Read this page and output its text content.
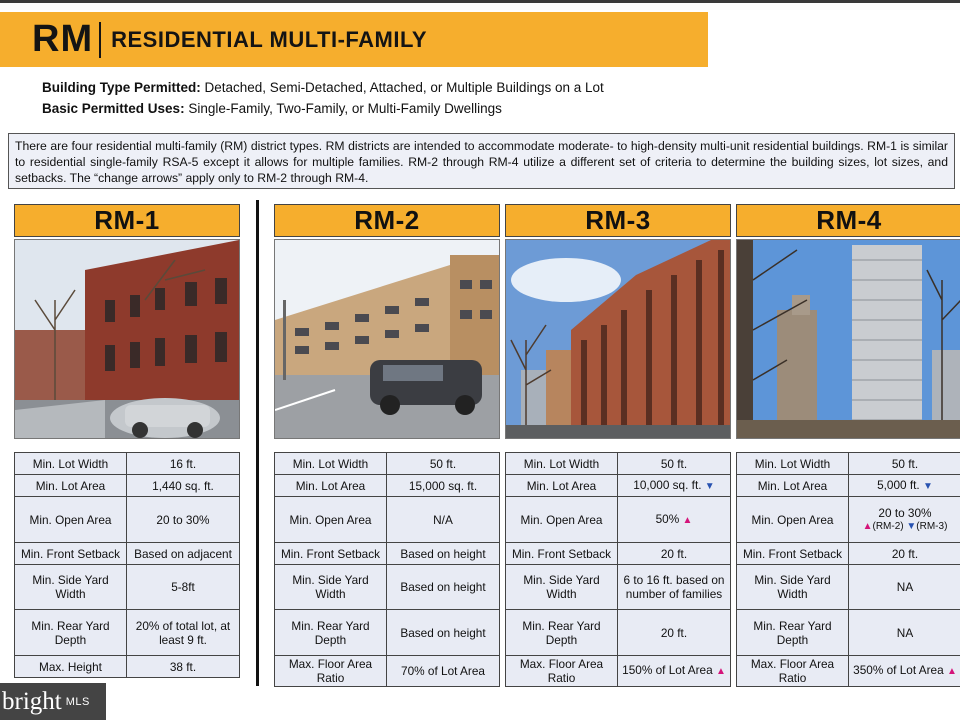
RM RESIDENTIAL MULTI-FAMILY
Building Type Permitted: Detached, Semi-Detached, Attached, or Multiple Buildings on a Lot
Basic Permitted Uses: Single-Family, Two-Family, or Multi-Family Dwellings
There are four residential multi-family (RM) district types. RM districts are intended to accommodate moderate- to high-density multi-unit residential buildings. RM-1 is similar to residential single-family RSA-5 except it allows for multiple families. RM-2 through RM-4 utilize a different set of criteria to determine the building sizes, lot sizes, and setbacks. The “change arrows” apply only to RM-2 through RM-4.
RM-1
Min. Lot Width	16 ft.
Min. Lot Area	1,440 sq. ft.
Min. Open Area	20 to 30%
Min. Front Setback	Based on adjacent
Min. Side Yard Width	5-8ft
Min. Rear Yard Depth	20% of total lot, at least 9 ft.
Max. Height	38 ft.
RM-2
Min. Lot Width	50 ft.
Min. Lot Area	15,000 sq. ft.
Min. Open Area	N/A
Min. Front Setback	Based on height
Min. Side Yard Width	Based on height
Min. Rear Yard Depth	Based on height
Max. Floor Area Ratio	70% of Lot Area
RM-3
Min. Lot Width	50 ft.
Min. Lot Area	10,000 sq. ft. ▼
Min. Open Area	50% ▲
Min. Front Setback	20 ft.
Min. Side Yard Width	6 to 16 ft. based on number of families
Min. Rear Yard Depth	20 ft.
Max. Floor Area Ratio	150% of Lot Area ▲
RM-4
Min. Lot Width	50 ft.
Min. Lot Area	5,000 ft. ▼
Min. Open Area	20 to 30%
▲(RM-2) ▼(RM-3)

Min. Front Setback	20 ft.
Min. Side Yard Width	NA
Min. Rear Yard Depth	NA
Max. Floor Area Ratio	350% of Lot Area ▲
bright MLS
